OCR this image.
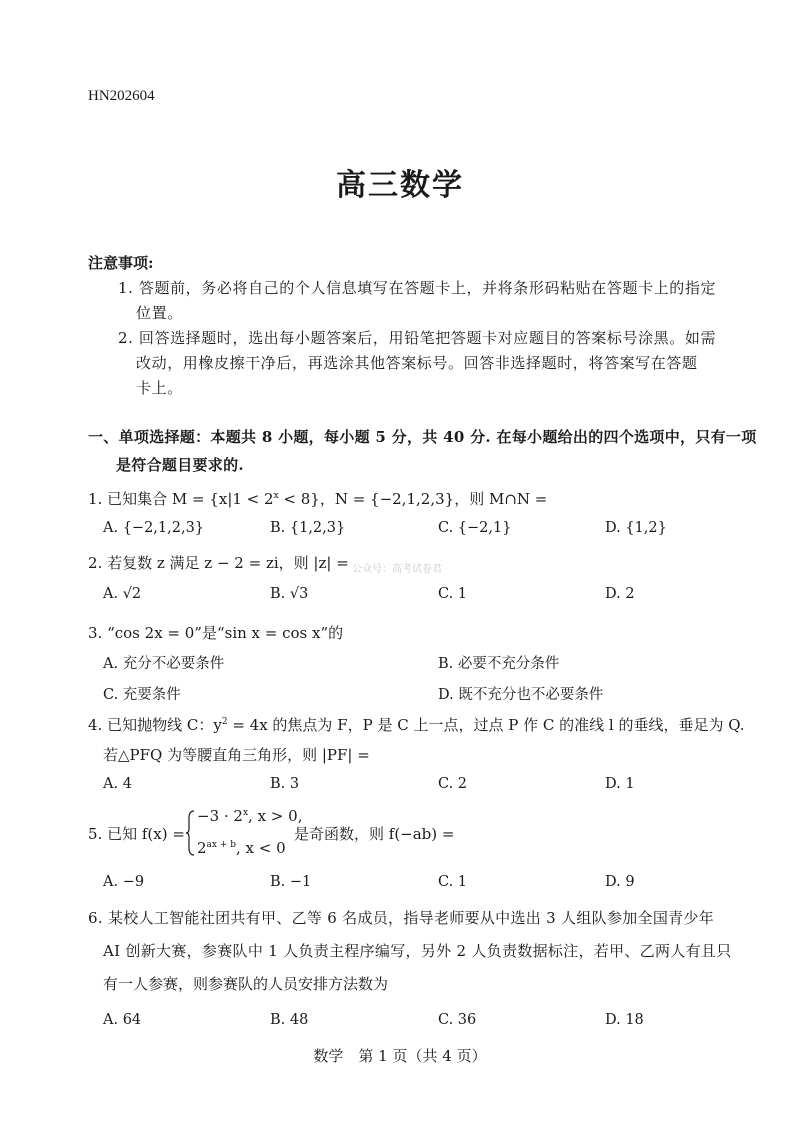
HN202604
高三数学
注意事项:
1. 答题前，务必将自己的个人信息填写在答题卡上，并将条形码粘贴在答题卡上的指定
位置。
2. 回答选择题时，选出每小题答案后，用铅笔把答题卡对应题目的答案标号涂黑。如需
改动，用橡皮擦干净后，再选涂其他答案标号。回答非选择题时，将答案写在答题
卡上。
一、单项选择题：本题共 8 小题，每小题 5 分，共 40 分. 在每小题给出的四个选项中，只有一项
是符合题目要求的.
1. 已知集合 $M = \{x|1 < 2^x < 8\}$，N = {−2,1,2,3}，则 M∩N =
A. {−2,1,2,3}	B. {1,2,3}	C. {−2,1}	D. {1,2}
2. 若复数 z 满足 z − 2 = zi，则 |z| = 公众号：高考试卷君
A. √2	B. √3	C. 1	D. 2
3. “cos 2x = 0”是“sin x = cos x”的
A. 充分不必要条件	B. 必要不充分条件
C. 充要条件	D. 既不充分也不必要条件
4. 已知抛物线 C：$y^2 = 4x$ 的焦点为 F，P 是 C 上一点，过点 P 作 C 的准线 l 的垂线，垂足为 Q.
若△PFQ 为等腰直角三角形，则 |PF| =
A. 4	B. 3	C. 2	D. 1
5. 已知 f(x) =
$-3 \cdot 2^x$, x > 0,
$2^{ax + b}$, x < 0
是奇函数，则 f(−ab) =
A. −9	B. −1	C. 1	D. 9
6. 某校人工智能社团共有甲、乙等 6 名成员，指导老师要从中选出 3 人组队参加全国青少年
AI 创新大赛，参赛队中 1 人负责主程序编写，另外 2 人负责数据标注，若甲、乙两人有且只
有一人参赛，则参赛队的人员安排方法数为
A. 64	B. 48	C. 36	D. 18
数学　第 1 页（共 4 页）
